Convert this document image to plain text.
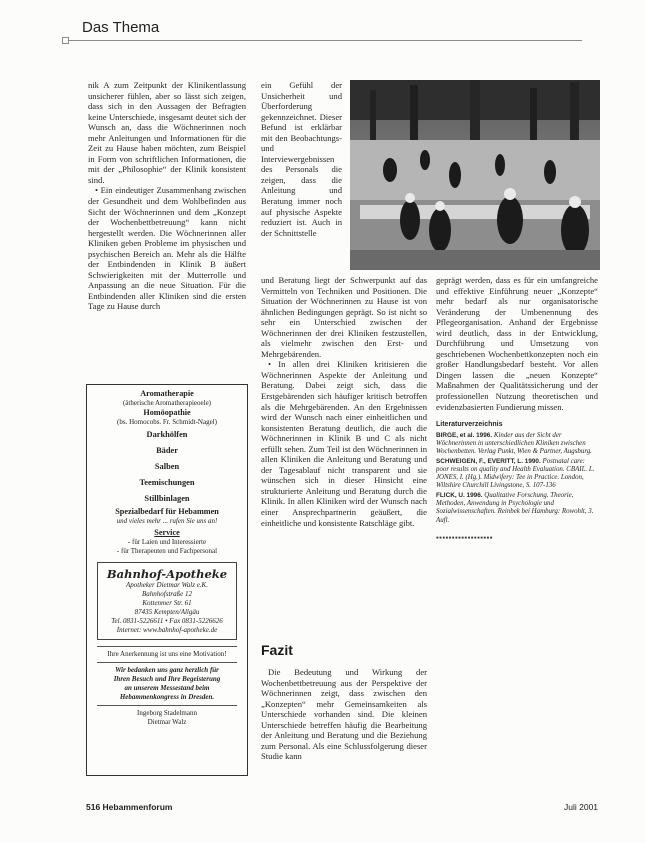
Das Thema

nik A zum Zeitpunkt der Klinikentlassung unsicherer fühlen, aber so lässt sich zeigen, dass sich in den Aussagen der Befragten keine Unterschiede, insgesamt deutet sich der Wunsch an, dass die Wöchnerinnen noch mehr Anleitungen und Informationen für die Zeit zu Hause haben möchten, zum Beispiel in Form von schriftlichen Informationen, die mit der „Philosophie“ der Klinik konsistent sind.

• Ein eindeutiger Zusammenhang zwischen der Gesundheit und dem Wohlbefinden aus Sicht der Wöchnerinnen und dem „Konzept der Wochenbettbetreuung“ kann nicht hergestellt werden. Die Wöchnerinnen aller Kliniken geben Probleme im physischen und psychischen Bereich an. Mehr als die Hälfte der Entbindenden in Klinik B äußert Schwierigkeiten mit der Mutterrolle und Anpassung an die neue Situation. Für die Entbindenden aller Kliniken sind die ersten Tage zu Hause durch

ein Gefühl der Unsicherheit und Überforderung gekennzeichnet. Dieser Befund ist erklärbar mit den Beobachtungs- und Interviewergebnissen des Personals die zeigen, dass die Anleitung und Beratung immer noch auf physische Aspekte reduziert ist. Auch in der Schnittstelle

und Beratung liegt der Schwerpunkt auf das Vermitteln von Techniken und Positionen. Die Situation der Wöchnerinnen zu Hause ist von ähnlichen Bedingungen geprägt. So ist nicht so sehr ein Unterschied zwischen der Wöchnerinnen der drei Kliniken festzustellen, als vielmehr zwischen den Erst- und Mehrgebärenden.

• In allen drei Kliniken kritisieren die Wöchnerinnen Aspekte der Anleitung und Beratung. Dabei zeigt sich, dass die Erstgebärenden sich häufiger kritisch betroffen als die Mehrgebärenden. An den Ergebnissen wird der Wunsch nach einer einheitlichen und konsistenten Beratung deutlich, die auch die Wöchnerinnen in Klinik B und C als nicht erfüllt sehen. Zum Teil ist den Wöchnerinnen in allen Kliniken die Anleitung und Beratung und der Tagesablauf nicht transparent und sie wünschen sich in dieser Hinsicht eine strukturierte Anleitung und Beratung durch die Klinik. In allen Kliniken wird der Wunsch nach einer Ansprechpartnerin geäußert, die einheitliche und konsistente Ratschläge gibt.

geprägt werden, dass es für ein umfangreiche und effektive Einführung neuer „Konzepte“ mehr bedarf als nur organisatorische Veränderung der Umbenennung des Pflegeorganisation. Anhand der Ergebnisse wird deutlich, dass in der Entwicklung, Durchführung und Umsetzung von geschriebenen Wochenbettkonzepten noch ein großer Handlungsbedarf besteht. Vor allen Dingen lassen die „neuen Konzepte“ Maßnahmen der Qualitätssicherung und der professionellen Nutzung theoretischen und evidenzbasierten Fundierung missen.

Literaturverzeichnis
BIRGE, et al. 1996. Kinder aus der Sicht der Wöchnerinnen in unterschiedlichen Kliniken zwischen Wochenbetten. Verlag Punkt, Wien & Partner, Augsburg.
SCHWEIGEN, F., EVERITT, L. 1990. Postnatal care: poor results on quality and Health Evaluation. CBAIL. L. JONES, I. (Hg.). Midwifery: Tee in Practice. London, Wiltshire Churchill Livingstone, S. 107-136
FLICK, U. 1996. Qualitative Forschung. Theorie, Methoden, Anwendung in Psychologie und Sozialwissenschaften. Reinbek bei Hamburg: Rowohlt, 3. Aufl.
▪▪▪▪▪▪▪▪▪▪▪▪▪▪▪▪▪▪
Fazit

Die Bedeutung und Wirkung der Wochenbettbetreuung aus der Perspektive der Wöchnerinnen zeigt, dass zwischen den „Konzepten“ mehr Gemeinsamkeiten als Unterschiede vorhanden sind. Die kleinen Unterschiede betreffen häufig die Bearbeitung der Anleitung und Beratung und die Beziehung zum Personal. Als eine Schlussfolgerung dieser Studie kann

Aromatherapie
(ätherische Aromatherapieoele)
Homöopathie
(bs. Homocobs. Fr. Schmidt-Nagel)
Darkhölfen
Bäder
Salben
Teemischungen
Stillbinlagen
Spezialbedarf für Hebammen
und vieles mehr ... rufen Sie uns an!
Service
- für Laien und Interessierte
- für Therapeuten und Fachpersonal
Bahnhof-Apotheke
Apotheker Dietmar Walz e.K.
Bahnhofstraße 12
Kottenmer Str. 61
87435 Kempten/Allgäu
Tel. 0831-5226611 • Fax 0831-5226626
Internet: www.bahnhof-apotheke.de
Ihre Anerkennung ist uns eine Motivation!
Wir bedanken uns ganz herzlich für
Ihren Besuch und Ihre Begeisterung
an unserem Messestand beim
Hebammenkongress in Dresden.
Ingeborg Stadelmann
Dietmar Walz
516 Hebammenforum	Juli 2001
